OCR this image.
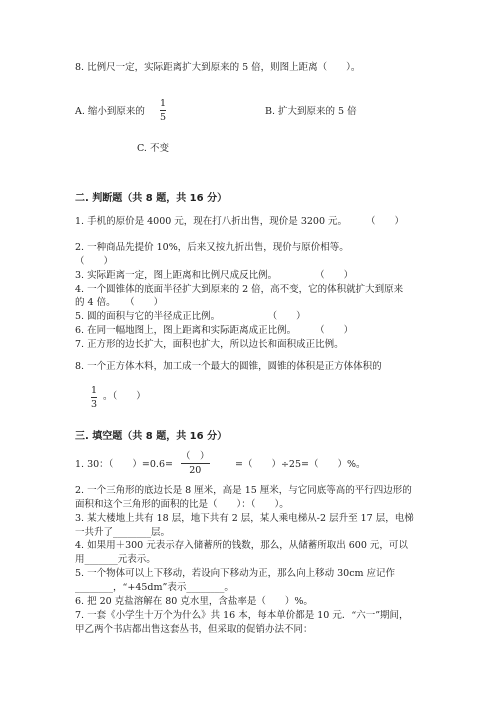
8. 比例尺一定，实际距离扩大到原来的 5 倍，则图上距离（　　）。
A. 缩小到原来的
1
5
B. 扩大到原来的 5 倍
C. 不变
二. 判断题（共 8 题，共 16 分）
1. 手机的原价是 4000 元，现在打八折出售，现价是 3200 元。　　　（　　）
2. 一种商品先提价 10%，后来又按九折出售，现价与原价相等。
（　　）
3. 实际距离一定，图上距离和比例尺成反比例。　　　　　（　　）
4. 一个圆锥体的底面半径扩大到原来的 2 倍，高不变，它的体积就扩大到原来
的 4 倍。　　（　　）
5. 圆的面积与它的半径成正比例。　　　　　　（　　）
6. 在同一幅地图上，图上距离和实际距离成正比例。　　　（　　）
7. 正方形的边长扩大，面积也扩大，所以边长和面积成正比例。
8. 一个正方体木料，加工成一个最大的圆锥，圆锥的体积是正方体体积的
1
3
。（　　）
三. 填空题（共 8 题，共 16 分）
1. 30：（　　）=0.6=
（　）
20
=（　　）÷25=（　　）%。
2. 一个三角形的底边长是 8 厘米，高是 15 厘米，与它同底等高的平行四边形的
面积和这个三角形的面积的比是（　　）：（　　）。
3. 某大楼地上共有 18 层，地下共有 2 层，某人乘电梯从-2 层升至 17 层，电梯
一共升了________层。
4. 如果用＋300 元表示存入储蓄所的钱数，那么，从储蓄所取出 600 元，可以
用_______元表示。
5. 一个物体可以上下移动，若设向下移动为正，那么向上移动 30cm 应记作
________，“+45dm”表示________。
6. 把 20 克盐溶解在 80 克水里，含盐率是（　　）%。
7. 一套《小学生十万个为什么》共 16 本，每本单价都是 10 元．“六一”期间，
甲乙两个书店都出售这套丛书，但采取的促销办法不同：
